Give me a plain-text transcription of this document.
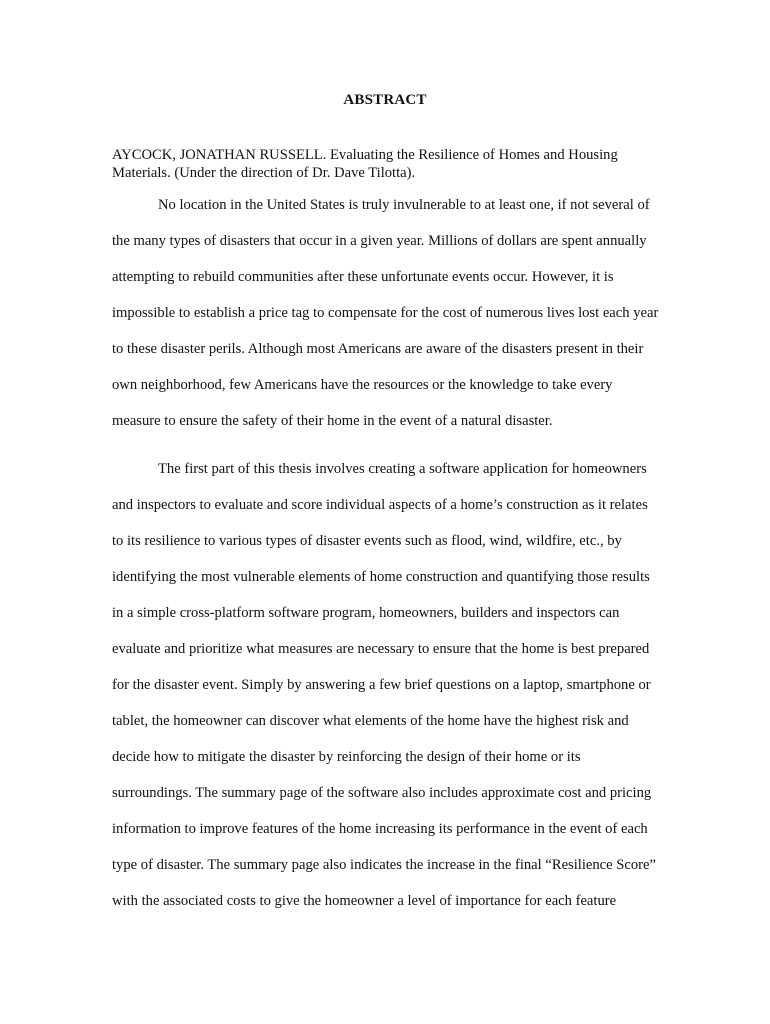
ABSTRACT
AYCOCK, JONATHAN RUSSELL. Evaluating the Resilience of Homes and Housing
Materials. (Under the direction of Dr. Dave Tilotta).
No location in the United States is truly invulnerable to at least one, if not several of
the many types of disasters that occur in a given year. Millions of dollars are spent annually
attempting to rebuild communities after these unfortunate events occur. However, it is
impossible to establish a price tag to compensate for the cost of numerous lives lost each year
to these disaster perils. Although most Americans are aware of the disasters present in their
own neighborhood, few Americans have the resources or the knowledge to take every
measure to ensure the safety of their home in the event of a natural disaster.
The first part of this thesis involves creating a software application for homeowners
and inspectors to evaluate and score individual aspects of a home’s construction as it relates
to its resilience to various types of disaster events such as flood, wind, wildfire, etc., by
identifying the most vulnerable elements of home construction and quantifying those results
in a simple cross-platform software program, homeowners, builders and inspectors can
evaluate and prioritize what measures are necessary to ensure that the home is best prepared
for the disaster event. Simply by answering a few brief questions on a laptop, smartphone or
tablet, the homeowner can discover what elements of the home have the highest risk and
decide how to mitigate the disaster by reinforcing the design of their home or its
surroundings. The summary page of the software also includes approximate cost and pricing
information to improve features of the home increasing its performance in the event of each
type of disaster. The summary page also indicates the increase in the final “Resilience Score”
with the associated costs to give the homeowner a level of importance for each feature
